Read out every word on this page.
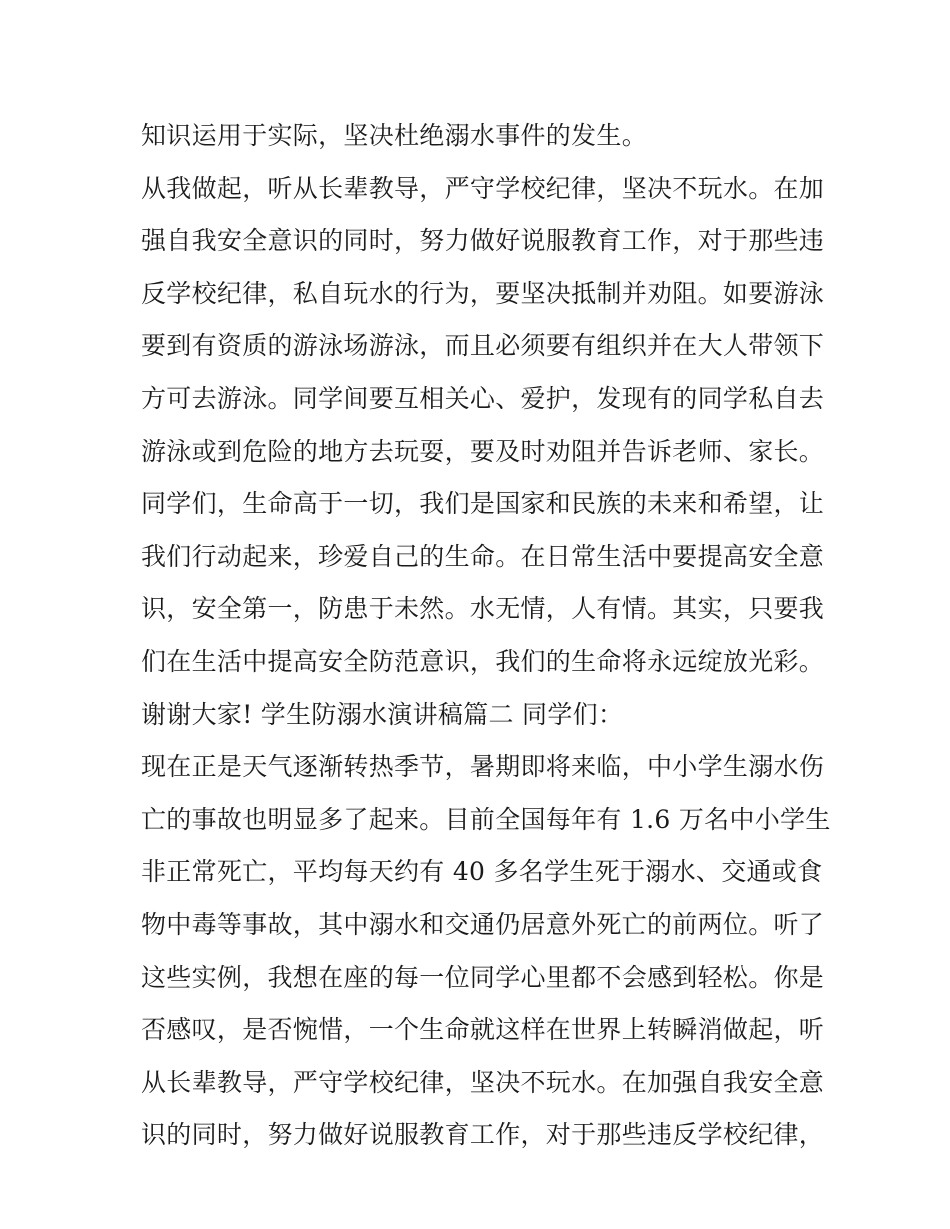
知识运用于实际，坚决杜绝溺水事件的发生。
从我做起，听从长辈教导，严守学校纪律，坚决不玩水。在加
强自我安全意识的同时，努力做好说服教育工作，对于那些违
反学校纪律，私自玩水的行为，要坚决抵制并劝阻。如要游泳
要到有资质的游泳场游泳，而且必须要有组织并在大人带领下
方可去游泳。同学间要互相关心、爱护，发现有的同学私自去
游泳或到危险的地方去玩耍，要及时劝阻并告诉老师、家长。
同学们，生命高于一切，我们是国家和民族的未来和希望，让
我们行动起来，珍爱自己的生命。在日常生活中要提高安全意
识，安全第一，防患于未然。水无情，人有情。其实，只要我
们在生活中提高安全防范意识，我们的生命将永远绽放光彩。
谢谢大家! 学生防溺水演讲稿篇二 同学们：
现在正是天气逐渐转热季节，暑期即将来临，中小学生溺水伤
亡的事故也明显多了起来。目前全国每年有 1.6 万名中小学生
非正常死亡，平均每天约有 40 多名学生死于溺水、交通或食
物中毒等事故，其中溺水和交通仍居意外死亡的前两位。听了
这些实例，我想在座的每一位同学心里都不会感到轻松。你是
否感叹，是否惋惜，一个生命就这样在世界上转瞬消做起，听
从长辈教导，严守学校纪律，坚决不玩水。在加强自我安全意
识的同时，努力做好说服教育工作，对于那些违反学校纪律，
